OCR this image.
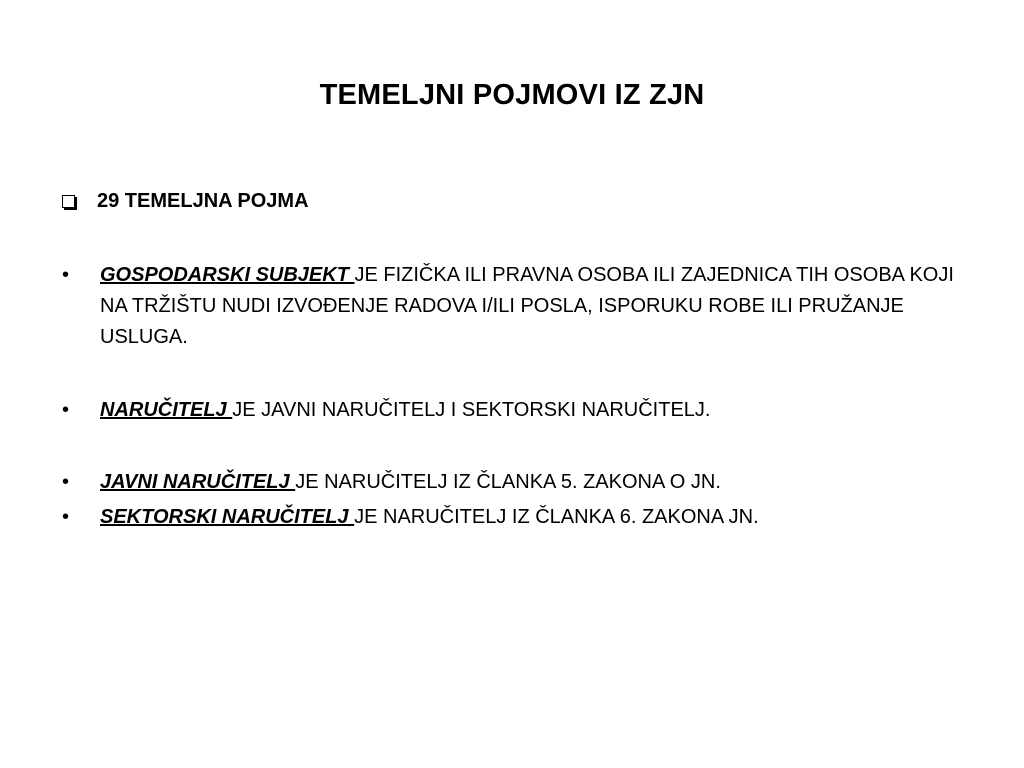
TEMELJNI POJMOVI IZ ZJN
29 TEMELJNA POJMA
•	GOSPODARSKI SUBJEKT JE FIZIČKA ILI PRAVNA OSOBA ILI ZAJEDNICA TIH OSOBA KOJI NA TRŽIŠTU NUDI IZVOĐENJE RADOVA I/ILI POSLA, ISPORUKU ROBE ILI PRUŽANJE USLUGA.
•	NARUČITELJ JE JAVNI NARUČITELJ I SEKTORSKI NARUČITELJ.
•	JAVNI NARUČITELJ JE NARUČITELJ IZ ČLANKA 5. ZAKONA O JN.
•	SEKTORSKI NARUČITELJ JE NARUČITELJ IZ ČLANKA 6. ZAKONA JN.
